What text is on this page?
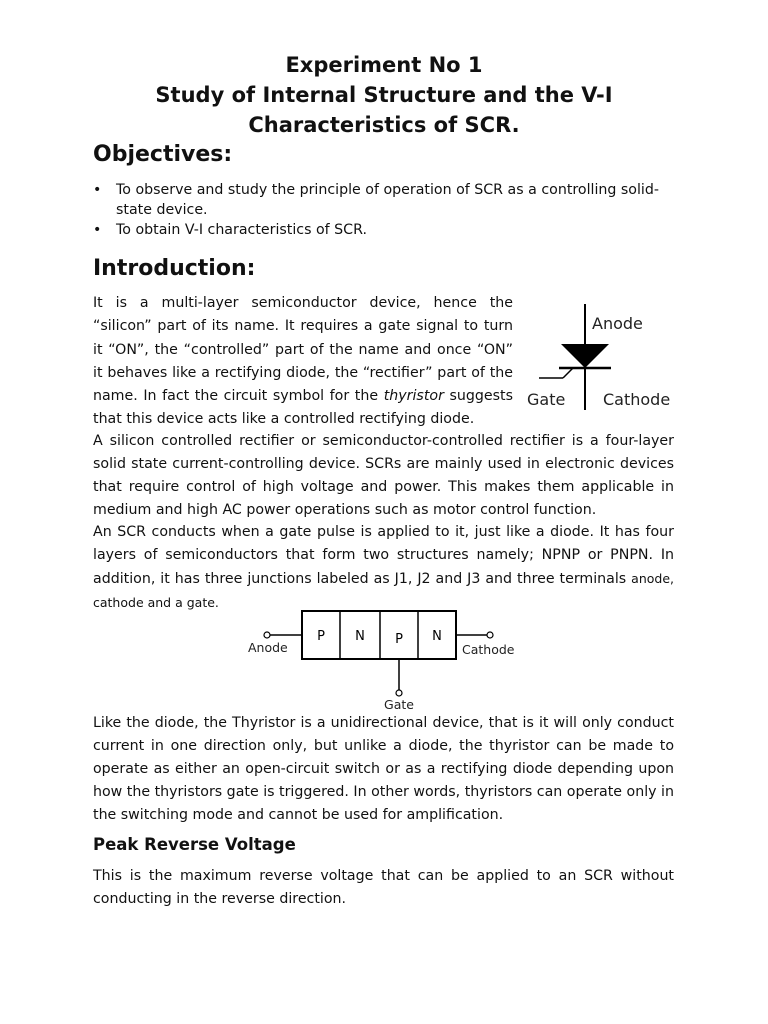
Experiment No 1
Study of Internal Structure and the V-I
Characteristics of SCR.
Objectives:
• To observe and study the principle of operation of SCR as a controlling solid-state device.
• To obtain V-I characteristics of SCR.
Introduction:
It is a multi-layer semiconductor device, hence the “silicon” part of its name. It requires a gate signal to turn it “ON”, the “controlled” part of the name and once “ON” it behaves like a rectifying diode, the “rectifier” part of the name. In fact the circuit symbol for the thyristor suggests that this device acts like a controlled rectifying diode.
Anode
Gate Cathode

A silicon controlled rectifier or semiconductor-controlled rectifier is a four-layer solid state current-controlling device. SCRs are mainly used in electronic devices that require control of high voltage and power. This makes them applicable in medium and high AC power operations such as motor control function.

An SCR conducts when a gate pulse is applied to it, just like a diode. It has four layers of semiconductors that form two structures namely; NPNP or PNPN. In addition, it has three junctions labeled as J1, J2 and J3 and three terminals anode, cathode and a gate.

P N P N
Anode	Cathode
Gate

Like the diode, the Thyristor is a unidirectional device, that is it will only conduct current in one direction only, but unlike a diode, the thyristor can be made to operate as either an open-circuit switch or as a rectifying diode depending upon how the thyristors gate is triggered. In other words, thyristors can operate only in the switching mode and cannot be used for amplification.

Peak Reverse Voltage

This is the maximum reverse voltage that can be applied to an SCR without conducting in the reverse direction.
